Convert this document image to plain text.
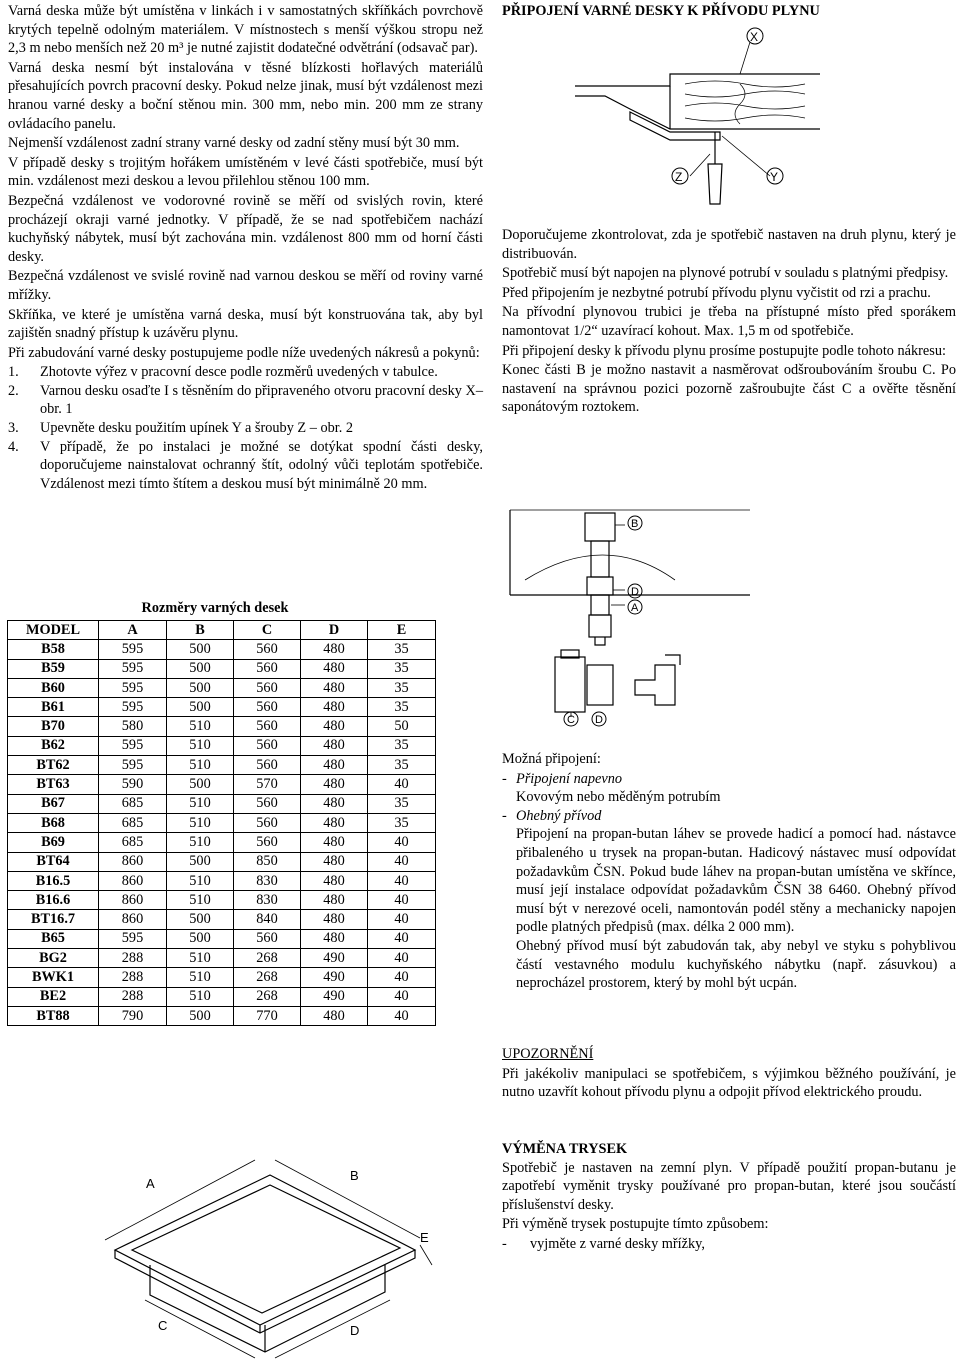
Varná deska může být umístěna v linkách i v samostatných skříňkách povrchově krytých tepelně odolným materiálem. V místnostech s menší výškou stropu než 2,3 m nebo menších než 20 m³ je nutné zajistit dodatečné odvětrání (odsavač par).

Varná deska nesmí být instalována v těsné blízkosti hořlavých materiálů přesahujících povrch pracovní desky. Pokud nelze jinak, musí být vzdálenost mezi hranou varné desky a boční stěnou min. 300 mm, nebo min. 200 mm ze strany ovládacího panelu.

Nejmenší vzdálenost zadní strany varné desky od zadní stěny musí být 30 mm.

V případě desky s trojitým hořákem umístěném v levé části spotřebiče, musí být min. vzdálenost mezi deskou a levou přilehlou stěnou 100 mm.

Bezpečná vzdálenost ve vodorovné rovině se měří od svislých rovin, které procházejí okraji varné jednotky. V případě, že se nad spotřebičem nachází kuchyňský nábytek, musí být zachována min. vzdálenost 800 mm od horní části desky.

Bezpečná vzdálenost ve svislé rovině nad varnou deskou se měří od roviny varné mřížky.

Skříňka, ve které je umístěna varná deska, musí být konstruována tak, aby byl zajištěn snadný přístup k uzávěru plynu.

Při zabudování varné desky postupujeme podle níže uvedených nákresů a pokynů:

1.	Zhotovte výřez v pracovní desce podle rozměrů uvedených v tabulce.
2.	Varnou desku osaďte I s těsněním do připraveného otvoru pracovní desky X– obr. 1
3.	Upevněte desku použitím upínek Y a šrouby Z – obr. 2
4.	V případě, že po instalaci je možné se dotýkat spodní části desky, doporučujeme nainstalovat ochranný štít, odolný vůči teplotám spotřebiče. Vzdálenost mezi tímto štítem a deskou musí být minimálně 20 mm.
Rozměry varných desek
MODEL	A	B	C	D	E
B58	595	500	560	480	35
B59	595	500	560	480	35
B60	595	500	560	480	35
B61	595	500	560	480	35
B70	580	510	560	480	50
B62	595	510	560	480	35
BT62	595	510	560	480	35
BT63	590	500	570	480	40
B67	685	510	560	480	35
B68	685	510	560	480	35
B69	685	510	560	480	40
BT64	860	500	850	480	40
B16.5	860	510	830	480	40
B16.6	860	510	830	480	40
BT16.7	860	500	840	480	40
B65	595	500	560	480	40
BG2	288	510	268	490	40
BWK1	288	510	268	490	40
BE2	288	510	268	490	40
BT88	790	500	770	480	40
A
B
E
C	D

PŘIPOJENÍ VARNÉ DESKY K PŘÍVODU PLYNU

X
Z	Y

Doporučujeme zkontrolovat, zda je spotřebič nastaven na druh plynu, který je distribuován.

Spotřebič musí být napojen na plynové potrubí v souladu s platnými předpisy.

Před připojením je nezbytné potrubí přívodu plynu vyčistit od rzi a prachu.

Na přívodní plynovou trubici je třeba na přístupné místo před sporákem namontovat 1/2“ uzavírací kohout. Max. 1,5 m od spotřebiče.

Při připojení desky k přívodu plynu prosíme postupujte podle tohoto nákresu:

Konec části B je možno nastavit a nasměrovat odšroubováním šroubu C. Po nastavení na správnou pozici pozorně zašroubujte část C a ověřte těsnění saponátovým roztokem.

B
D
A
C D

Možná připojení:

- Připojení napevno
Kovovým nebo měděným potrubím
- Ohebný přívod
Připojení na propan-butan láhev se provede hadicí a pomocí had. nástavce přibaleného u trysek na propan-butan. Hadicový nástavec musí odpovídat požadavkům ČSN. Pokud bude láhev na propan-butan umístěna ve skřínce, musí její instalace odpovídat požadavkům ČSN 38 6460. Ohebný přívod musí být v nerezové oceli, namontován podél stěny a mechanicky napojen podle platných předpisů (max. délka 2 000 mm).
Ohebný přívod musí být zabudován tak, aby nebyl ve styku s pohyblivou částí vestavného modulu kuchyňského nábytku (např. zásuvkou) a neprocházel prostorem, který by mohl být ucpán.

UPOZORNĚNÍ

Při jakékoliv manipulaci se spotřebičem, s výjimkou běžného používání, je nutno uzavřít kohout přívodu plynu a odpojit přívod elektrického proudu.

VÝMĚNA TRYSEK

Spotřebič je nastaven na zemní plyn. V případě použití propan-butanu je zapotřebí vyměnit trysky používané pro propan-butan, které jsou součástí příslušenství desky.

Při výměně trysek postupujte tímto způsobem:

-	vyjměte z varné desky mřížky,
